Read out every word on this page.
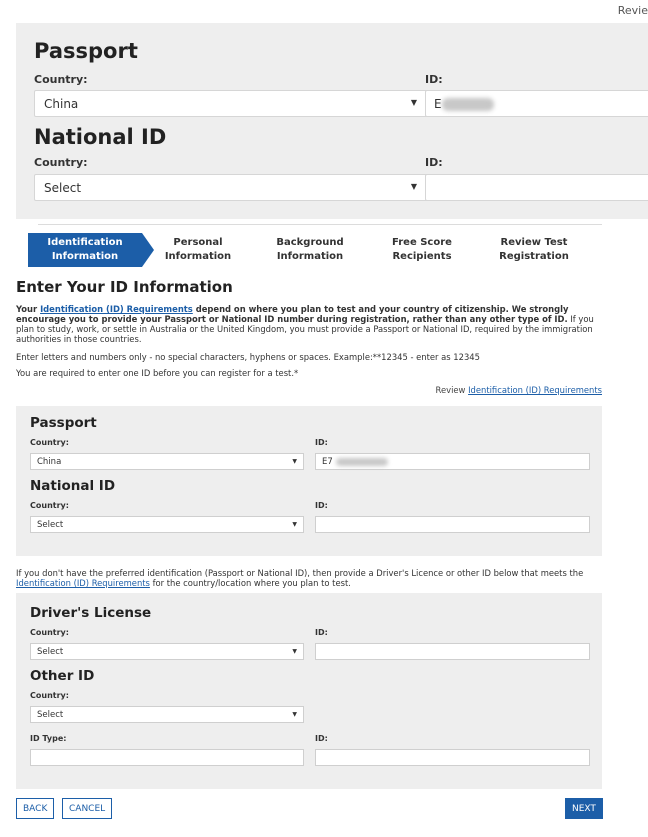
Revie
Passport
Country:	ID:
China	▼	E
National ID
Country:	ID:
Select	▼
Identification
Information
Personal
Information
Background
Information
Free Score
Recipients
Review Test
Registration
Enter Your ID Information
Your Identification (ID) Requirements depend on where you plan to test and your country of citizenship. We strongly encourage you to provide your Passport or National ID number during registration, rather than any other type of ID. If you plan to study, work, or settle in Australia or the United Kingdom, you must provide a Passport or National ID, required by the immigration authorities in those countries.
Enter letters and numbers only - no special characters, hyphens or spaces. Example:**12345 - enter as 12345
You are required to enter one ID before you can register for a test.*
Review Identification (ID) Requirements
Passport
Country:	ID:
China	▼	E7
National ID
Country:	ID:
Select	▼
If you don't have the preferred identification (Passport or National ID), then provide a Driver's Licence or other ID below that meets the Identification (ID) Requirements for the country/location where you plan to test.
Driver's License
Country:	ID:
Select	▼
Other ID
Country:
Select	▼
ID Type:	ID:
BACK	CANCEL	NEXT
